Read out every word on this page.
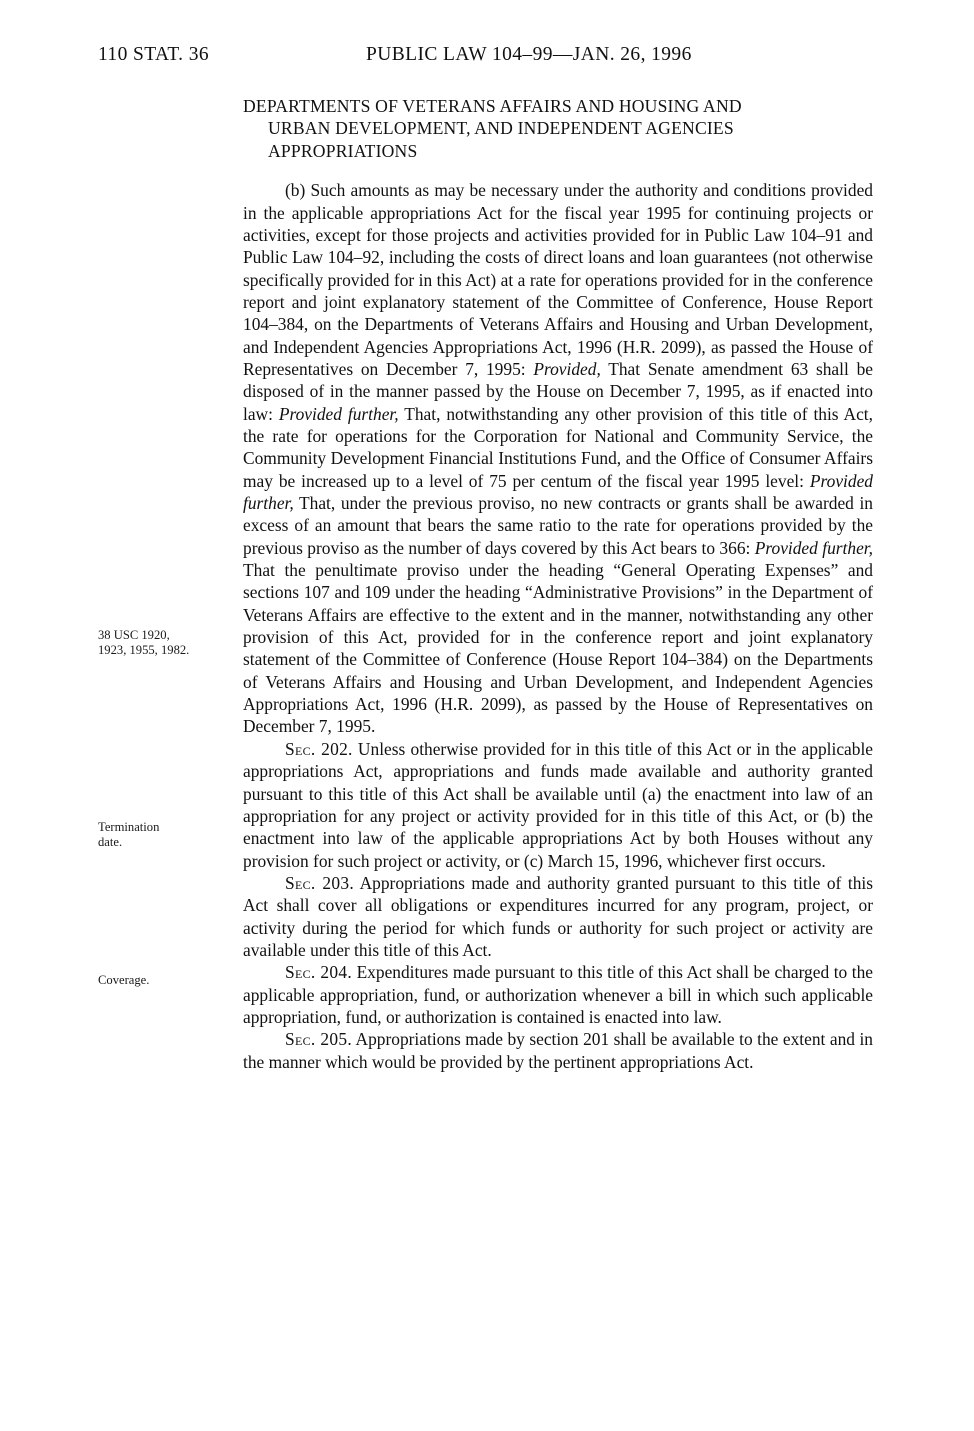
110 STAT. 36	PUBLIC LAW 104–99—JAN. 26, 1996
38 USC 1920,
1923, 1955, 1982.
Termination
date.
Coverage.
DEPARTMENTS OF VETERANS AFFAIRS AND HOUSING AND
URBAN DEVELOPMENT, AND INDEPENDENT AGENCIES
APPROPRIATIONS

(b) Such amounts as may be necessary under the authority and conditions provided in the applicable appropriations Act for the fiscal year 1995 for continuing projects or activities, except for those projects and activities provided for in Public Law 104–91 and Public Law 104–92, including the costs of direct loans and loan guarantees (not otherwise specifically provided for in this Act) at a rate for operations provided for in the conference report and joint explanatory statement of the Committee of Conference, House Report 104–384, on the Departments of Veterans Affairs and Housing and Urban Development, and Independent Agencies Appropriations Act, 1996 (H.R. 2099), as passed the House of Representatives on December 7, 1995: Provided, That Senate amendment 63 shall be disposed of in the manner passed by the House on December 7, 1995, as if enacted into law: Provided further, That, notwithstanding any other provision of this title of this Act, the rate for operations for the Corporation for National and Community Service, the Community Development Financial Institutions Fund, and the Office of Consumer Affairs may be increased up to a level of 75 per centum of the fiscal year 1995 level: Provided further, That, under the previous proviso, no new contracts or grants shall be awarded in excess of an amount that bears the same ratio to the rate for operations provided by the previous proviso as the number of days covered by this Act bears to 366: Provided further, That the penultimate proviso under the heading “General Operating Expenses” and sections 107 and 109 under the heading “Administrative Provisions” in the Department of Veterans Affairs are effective to the extent and in the manner, notwithstanding any other provision of this Act, provided for in the conference report and joint explanatory statement of the Committee of Conference (House Report 104–384) on the Departments of Veterans Affairs and Housing and Urban Development, and Independent Agencies Appropriations Act, 1996 (H.R. 2099), as passed by the House of Representatives on December 7, 1995.

Sec. 202. Unless otherwise provided for in this title of this Act or in the applicable appropriations Act, appropriations and funds made available and authority granted pursuant to this title of this Act shall be available until (a) the enactment into law of an appropriation for any project or activity provided for in this title of this Act, or (b) the enactment into law of the applicable appropriations Act by both Houses without any provision for such project or activity, or (c) March 15, 1996, whichever first occurs.

Sec. 203. Appropriations made and authority granted pursuant to this title of this Act shall cover all obligations or expenditures incurred for any program, project, or activity during the period for which funds or authority for such project or activity are available under this title of this Act.

Sec. 204. Expenditures made pursuant to this title of this Act shall be charged to the applicable appropriation, fund, or authorization whenever a bill in which such applicable appropriation, fund, or authorization is contained is enacted into law.

Sec. 205. Appropriations made by section 201 shall be available to the extent and in the manner which would be provided by the pertinent appropriations Act.
